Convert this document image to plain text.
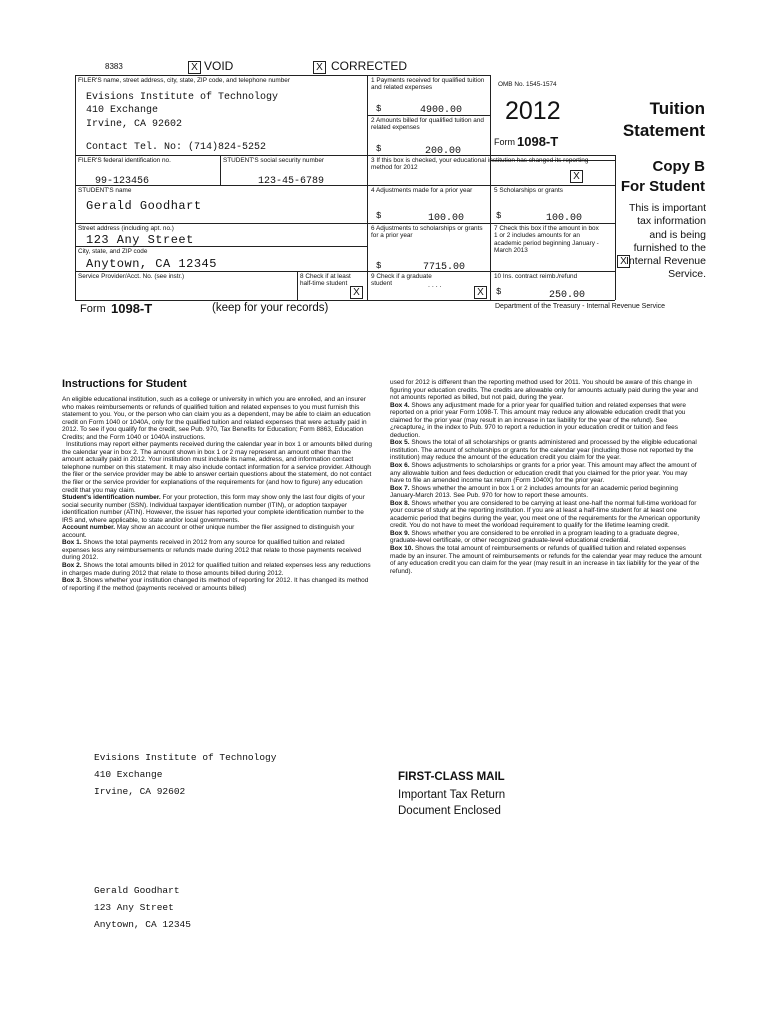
8383	X VOID	X CORRECTED
FILER'S name, street address, city, state, ZIP code, and telephone number
Evisions Institute of Technology
410 Exchange
Irvine, CA 92602
Contact Tel. No: (714)824-5252
FILER'S federal identification no.
99-123456
STUDENT'S social security number
123-45-6789
STUDENT'S name
Gerald Goodhart
Street address (including apt. no.)
123 Any Street
City, state, and ZIP code
Anytown, CA 12345
Service Provider/Acct. No. (see instr.)
1 Payments received for qualified tuition and related expenses
$	4900.00
2 Amounts billed for qualified tuition and related expenses
$	200.00
3 If this box is checked, your educational institution has changed its reporting method for 2012
X
4 Adjustments made for a prior year
$	100.00
5 Scholarships or grants
$	100.00
6 Adjustments to scholarships or grants for a prior year
$	7715.00
7 Check this box if the amount in box 1 or 2 includes amounts for an academic period beginning January - March 2013
X
8 Check if at least half-time student
X
9 Check if a graduate student	. . . .
X
10 Ins. contract reimb./refund
$	250.00
OMB No. 1545-1574
2012
Form 1098-T
Tuition
Statement
Copy B
For Student
This is important tax information and is being furnished to the Internal Revenue Service.
Form 1098-T	(keep for your records)	Department of the Treasury - Internal Revenue Service
Instructions for Student

An eligible educational institution, such as a college or university in which you are enrolled, and an insurer who makes reimbursements or refunds of qualified tuition and related expenses to you must furnish this statement to you. You, or the person who can claim you as a dependent, may be able to claim an education credit on Form 1040 or 1040A, only for the qualified tuition and related expenses that were actually paid in 2012. To see if you qualify for the credit, see Pub. 970, Tax Benefits for Education; Form 8863, Education Credits; and the Form 1040 or 1040A instructions.

Institutions may report either payments received during the calendar year in box 1 or amounts billed during the calendar year in box 2. The amount shown in box 1 or 2 may represent an amount other than the amount actually paid in 2012. Your institution must include its name, address, and information contact telephone number on this statement. It may also include contact information for a service provider. Although the filer or the service provider may be able to answer certain questions about the statement, do not contact the filer or the service provider for explanations of the requirements for (and how to figure) any education credit that you may claim.

Student's identification number. For your protection, this form may show only the last four digits of your social security number (SSN). Individual taxpayer identification number (ITIN), or adoption taxpayer identification number (ATIN). However, the issuer has reported your complete identification number to the IRS and, where applicable, to state and/or local governments.

Account number. May show an account or other unique number the filer assigned to distinguish your account.

Box 1. Shows the total payments received in 2012 from any source for qualified tuition and related expenses less any reimbursements or refunds made during 2012 that relate to those payments received during 2012.

Box 2. Shows the total amounts billed in 2012 for qualified tuition and related expenses less any reductions in charges made during 2012 that relate to those amounts billed during 2012.

Box 3. Shows whether your institution changed its method of reporting for 2012. It has changed its method of reporting if the method (payments received or amounts billed)

used for 2012 is different than the reporting method used for 2011. You should be aware of this change in figuring your education credits. The credits are allowable only for amounts actually paid during the year and not amounts reported as billed, but not paid, during the year.

Box 4. Shows any adjustment made for a prior year for qualified tuition and related expenses that were reported on a prior year Form 1098-T. This amount may reduce any allowable education credit that you claimed for the prior year (may result in an increase in tax liability for the year of the refund). See ¿recapture¿ in the index to Pub. 970 to report a reduction in your education credit or tuition and fees deduction.

Box 5. Shows the total of all scholarships or grants administered and processed by the eligible educational institution. The amount of scholarships or grants for the calendar year (including those not reported by the institution) may reduce the amount of the education credit you claim for the year.

Box 6. Shows adjustments to scholarships or grants for a prior year. This amount may affect the amount of any allowable tuition and fees deduction or education credit that you claimed for the prior year. You may have to file an amended income tax return (Form 1040X) for the prior year.

Box 7. Shows whether the amount in box 1 or 2 includes amounts for an academic period beginning January-March 2013. See Pub. 970 for how to report these amounts.

Box 8. Shows whether you are considered to be carrying at least one-half the normal full-time workload for your course of study at the reporting institution. If you are at least a half-time student for at least one academic period that begins during the year, you meet one of the requirements for the American opportunity credit. You do not have to meet the workload requirement to qualify for the lifetime learning credit.

Box 9. Shows whether you are considered to be enrolled in a program leading to a graduate degree, graduate-level certificate, or other recognized graduate-level educational credential.

Box 10. Shows the total amount of reimbursements or refunds of qualified tuition and related expenses made by an insurer. The amount of reimbursements or refunds for the calendar year may reduce the amount of any education credit you can claim for the year (may result in an increase in tax liability for the year of the refund).

Evisions Institute of Technology
410 Exchange
Irvine, CA 92602
FIRST-CLASS MAIL
Important Tax Return
Document Enclosed
Gerald Goodhart
123 Any Street
Anytown, CA 12345
